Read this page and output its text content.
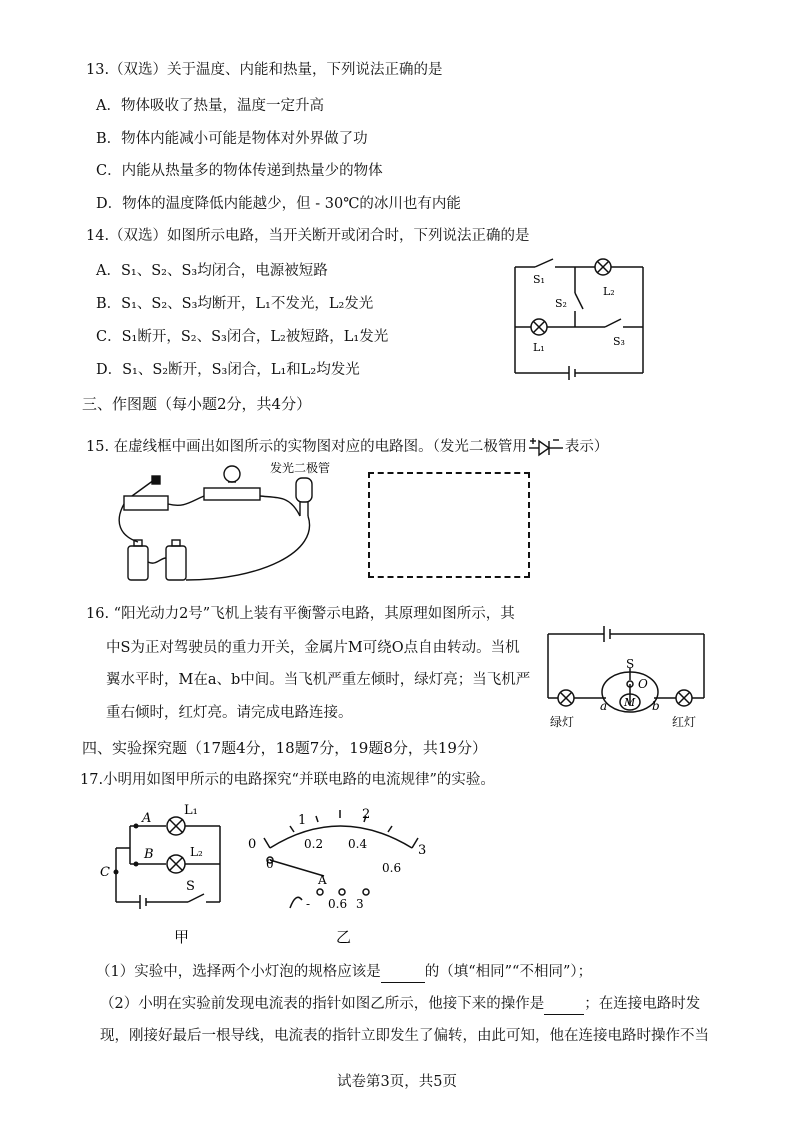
13.（双选）关于温度、内能和热量，下列说法正确的是
A．物体吸收了热量，温度一定升高
B．物体内能减小可能是物体对外界做了功
C．内能从热量多的物体传递到热量少的物体
D．物体的温度降低内能越少，但 - 30℃的冰川也有内能
14.（双选）如图所示电路，当开关断开或闭合时，下列说法正确的是
A．S₁、S₂、S₃均闭合，电源被短路
B．S₁、S₂、S₃均断开，L₁不发光，L₂发光
C．S₁断开，S₂、S₃闭合，L₂被短路，L₁发光
D．S₁、S₂断开，S₃闭合，L₁和L₂均发光
S₁
L₂
S₂
L₁	S₃
三、作图题（每小题2分，共4分）
15. 在虚线框中画出如图所示的实物图对应的电路图。（发光二极管用	表示）
发光二极管
16. “阳光动力2号”飞机上装有平衡警示电路，其原理如图所示，其
中S为正对驾驶员的重力开关，金属片M可绕O点自由转动。当机
翼水平时，M在a、b中间。当飞机严重左倾时，绿灯亮；当飞机严
重右倾时，红灯亮。请完成电路连接。
S
O
M
a	b
绿灯	红灯
四、实验探究题（17题4分，18题7分，19题8分，共19分）
17.小明用如图甲所示的电路探究“并联电路的电流规律”的实验。
A
L₁
B	L₂
C
S
甲
0
1	2
3
0
0.2 0.4
0.6
A
- 0.6 3
乙
（1）实验中，选择两个小灯泡的规格应该是	的（填“相同”“不相同”）；
（2）小明在实验前发现电流表的指针如图乙所示，他接下来的操作是	；在连接电路时发
现，刚接好最后一根导线，电流表的指针立即发生了偏转，由此可知，他在连接电路时操作不当
试卷第3页，共5页
